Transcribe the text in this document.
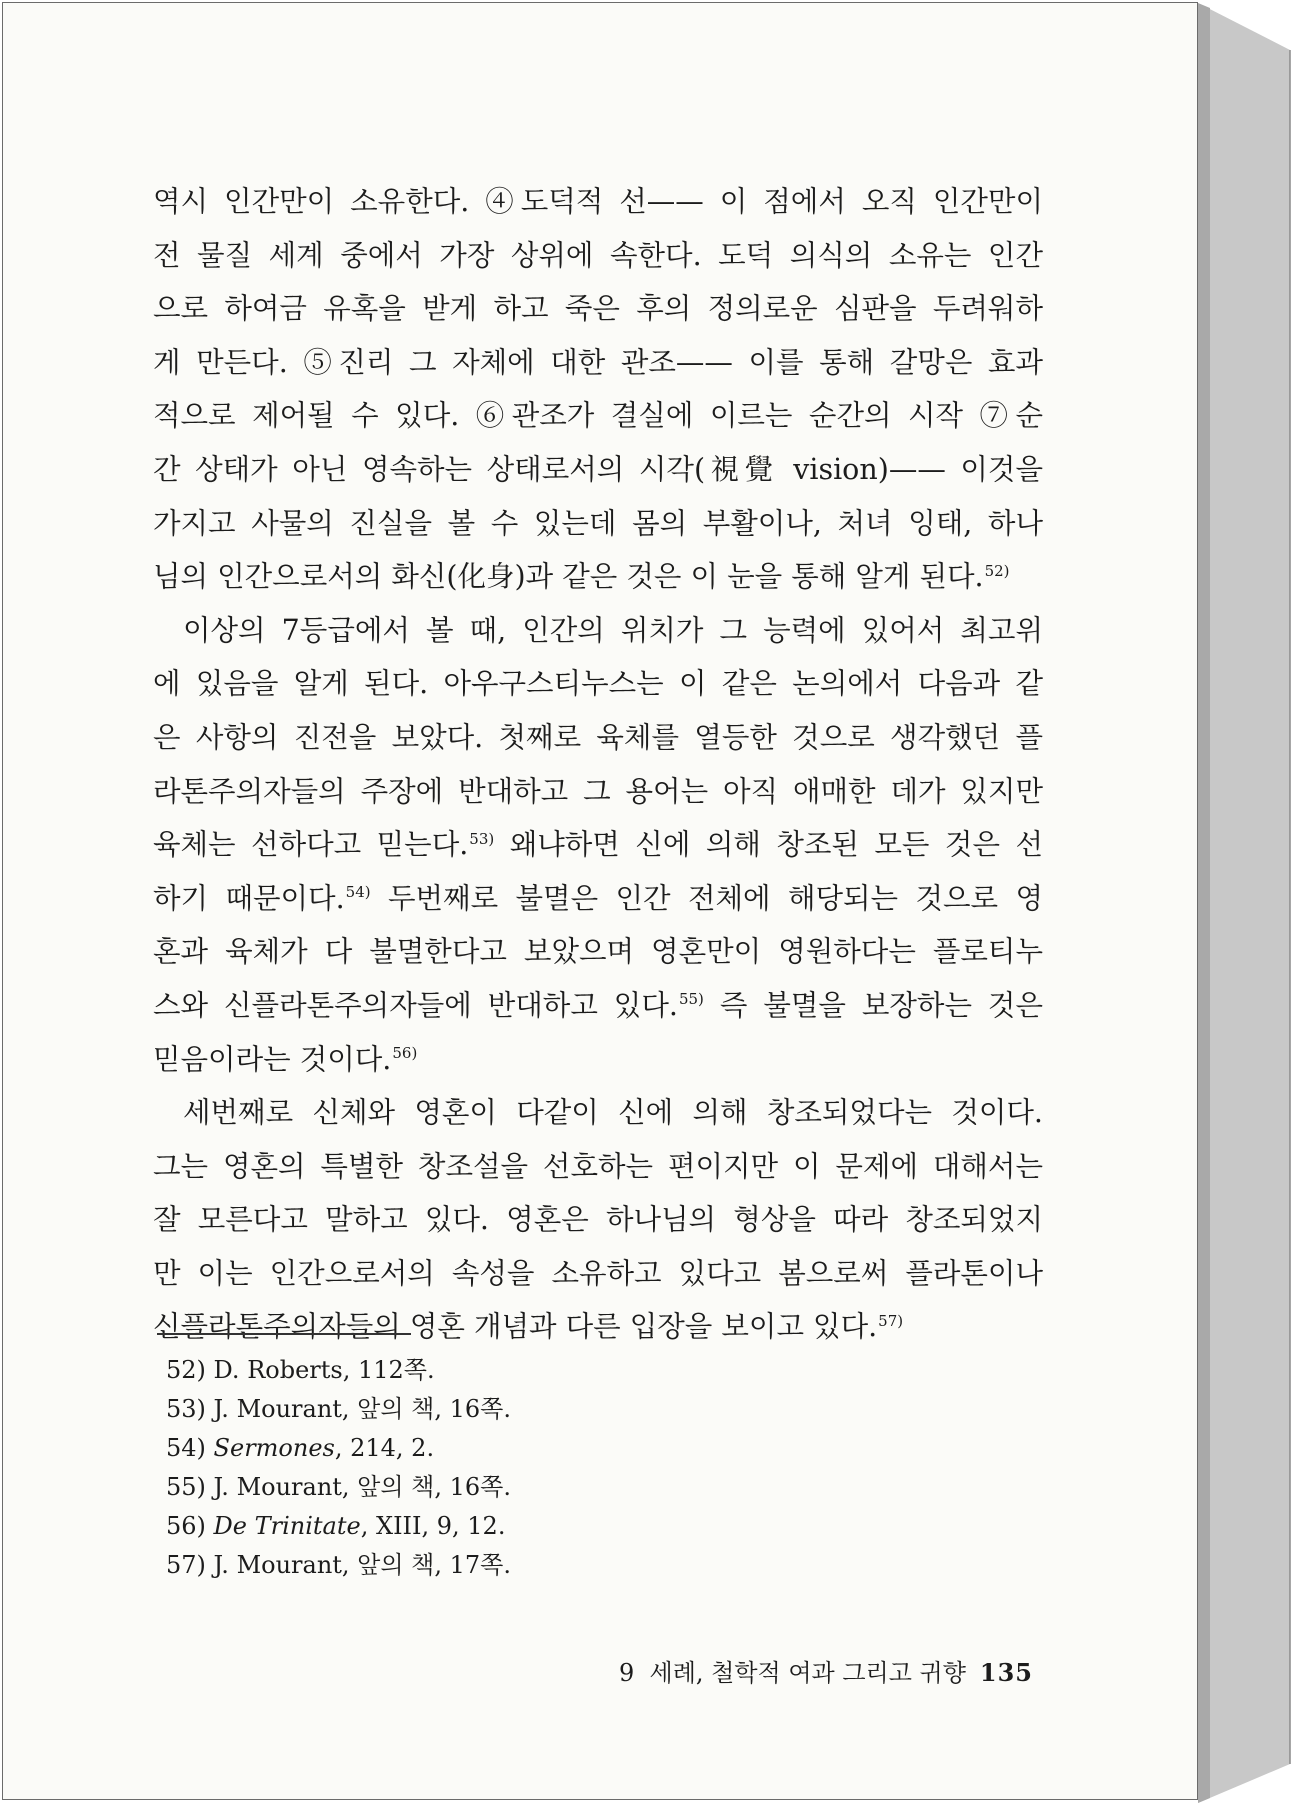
역시 인간만이 소유한다. ④도덕적 선—— 이 점에서 오직 인간만이
전 물질 세계 중에서 가장 상위에 속한다. 도덕 의식의 소유는 인간
으로 하여금 유혹을 받게 하고 죽은 후의 정의로운 심판을 두려워하
게 만든다. ⑤진리 그 자체에 대한 관조—— 이를 통해 갈망은 효과
적으로 제어될 수 있다. ⑥관조가 결실에 이르는 순간의 시작 ⑦순
간 상태가 아닌 영속하는 상태로서의 시각(視覺 vision)—— 이것을
가지고 사물의 진실을 볼 수 있는데 몸의 부활이나, 처녀 잉태, 하나
님의 인간으로서의 화신(化身)과 같은 것은 이 눈을 통해 알게 된다.$^{52)}$
이상의 7등급에서 볼 때, 인간의 위치가 그 능력에 있어서 최고위
에 있음을 알게 된다. 아우구스티누스는 이 같은 논의에서 다음과 같
은 사항의 진전을 보았다. 첫째로 육체를 열등한 것으로 생각했던 플
라톤주의자들의 주장에 반대하고 그 용어는 아직 애매한 데가 있지만
육체는 선하다고 믿는다.$^{53)}$ 왜냐하면 신에 의해 창조된 모든 것은 선
하기 때문이다.$^{54)}$ 두번째로 불멸은 인간 전체에 해당되는 것으로 영
혼과 육체가 다 불멸한다고 보았으며 영혼만이 영원하다는 플로티누
스와 신플라톤주의자들에 반대하고 있다.$^{55)}$ 즉 불멸을 보장하는 것은
믿음이라는 것이다.$^{56)}$
세번째로 신체와 영혼이 다같이 신에 의해 창조되었다는 것이다.
그는 영혼의 특별한 창조설을 선호하는 편이지만 이 문제에 대해서는
잘 모른다고 말하고 있다. 영혼은 하나님의 형상을 따라 창조되었지
만 이는 인간으로서의 속성을 소유하고 있다고 봄으로써 플라톤이나
신플라톤주의자들의 영혼 개념과 다른 입장을 보이고 있다.$^{57)}$
52) D. Roberts, 112쪽.
53) J. Mourant, 앞의 책, 16쪽.
54) Sermones, 214, 2.
55) J. Mourant, 앞의 책, 16쪽.
56) De Trinitate, XIII, 9, 12.
57) J. Mourant, 앞의 책, 17쪽.
9  세례, 철학적 여과 그리고 귀향 135
